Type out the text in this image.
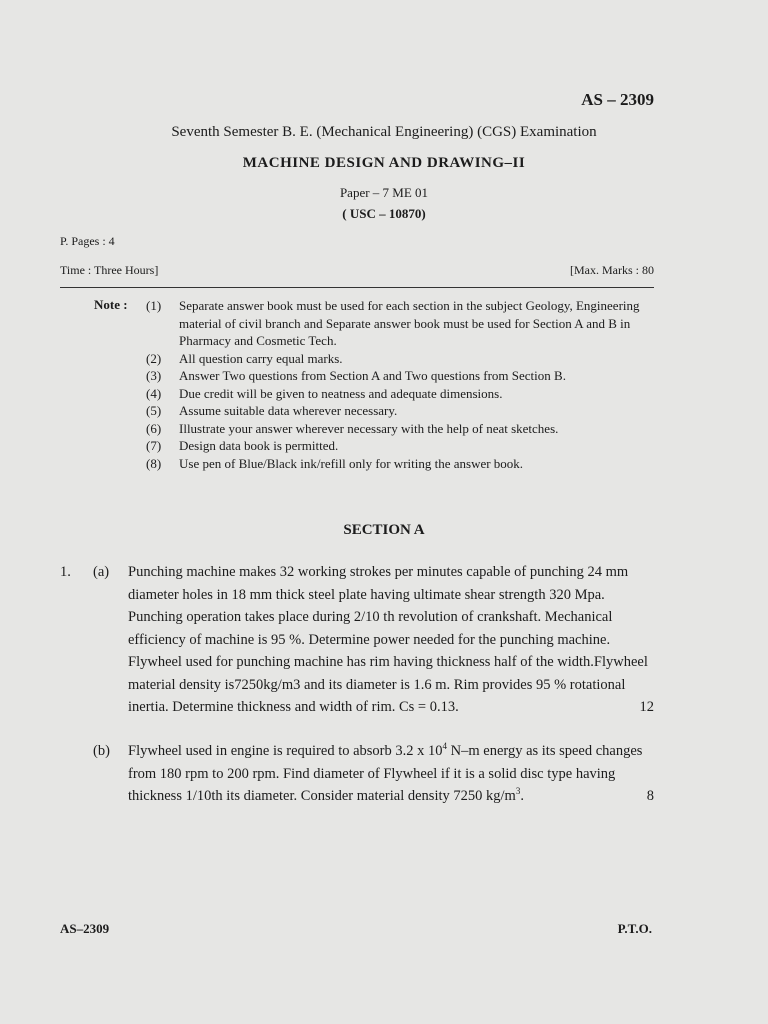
AS – 2309
Seventh Semester B. E. (Mechanical Engineering) (CGS) Examination
MACHINE DESIGN AND DRAWING–II
Paper – 7 ME 01
( USC – 10870)
P. Pages : 4
Time : Three Hours]	[Max. Marks : 80
Note : (1)	Separate answer book must be used for each section in the subject Geology, Engineering material of civil branch and Separate answer book must be used for Section A and B in Pharmacy and Cosmetic Tech.
(2)	All question carry equal marks.
(3)	Answer Two questions from Section A and Two questions from Section B.
(4)	Due credit will be given to neatness and adequate dimensions.
(5)	Assume suitable data wherever necessary.
(6)	Illustrate your answer wherever necessary with the help of neat sketches.
(7)	Design data book is permitted.
(8)	Use pen of Blue/Black ink/refill only for writing the answer book.
SECTION A
1. (a) Punching machine makes 32 working strokes per minutes capable of punching 24 mm diameter holes in 18 mm thick steel plate having ultimate shear strength 320 Mpa. Punching operation takes place during 2/10 th revolution of crankshaft. Mechanical efficiency of machine is 95 %. Determine power needed for the punching machine. Flywheel used for punching machine has rim having thickness half of the width.Flywheel material density is7250kg/m3 and its diameter is 1.6 m. Rim provides 95 % rotational inertia. Determine thickness and width of rim. Cs = 0.13.	12
(b) Flywheel used in engine is required to absorb 3.2 x $10^4$ N–m energy as its speed changes from 180 rpm to 200 rpm. Find diameter of Flywheel if it is a solid disc type having thickness 1/10th its diameter. Consider material density 7250 $kg/m^3$.	8
AS–2309	P.T.O.
